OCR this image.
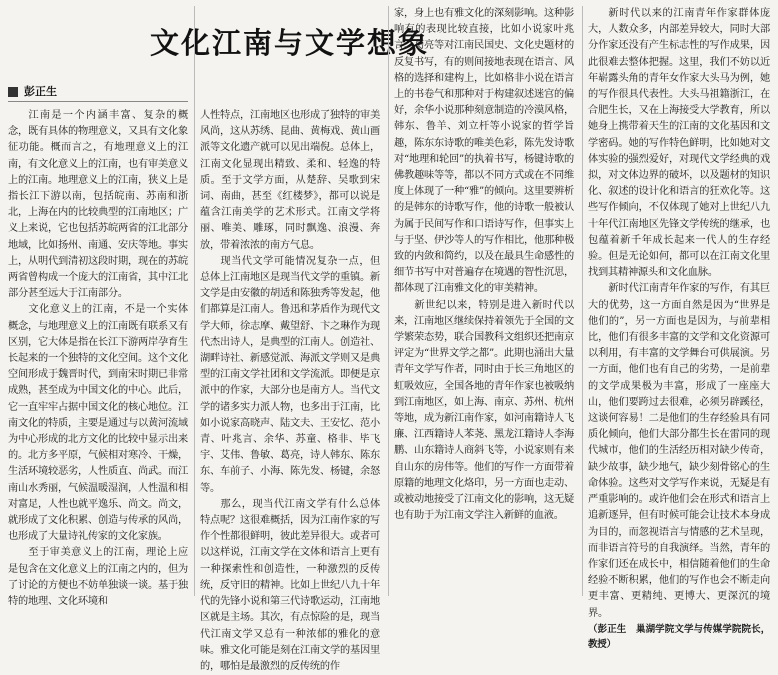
文化江南与文学想象
彭正生

江南是一个内涵丰富、复杂的概念，既有具体的物理意义，又具有文化象征功能。概而言之，有地理意义上的江南，有文化意义上的江南，也有审美意义上的江南。地理意义上的江南，狭义上是指长江下游以南，包括皖南、苏南和浙北，上海在内的比较典型的江南地区；广义上来说，它也包括苏皖两省的江北部分地域，比如扬州、南通、安庆等地。事实上，从明代到清初这段时期，现在的苏皖两省曾构成一个庞大的江南省，其中江北部分甚至远大于江南部分。

文化意义上的江南，不是一个实体概念，与地理意义上的江南既有联系又有区别，它大体是指在长江下游两岸孕育生长起来的一个独特的文化空间。这个文化空间形成于魏晋时代，到南宋时期已非常成熟，甚至成为中国文化的中心。此后，它一直牢牢占据中国文化的核心地位。江南文化的特质，主要是通过与以黄河流域为中心形成的北方文化的比较中显示出来的。北方多平原，气候相对寒冷、干燥，生活环境较恶劣，人性质直、尚武。而江南山水秀丽，气候温暖湿润，人性温和相对富足，人性也就平逸乐、尚文。尚文，就形成了文化积累、创造与传承的风尚，也形成了大量诗礼传家的文化家族。

至于审美意义上的江南，理论上应是包含在文化意义上的江南之内的，但为了讨论的方便也不妨单独谈一谈。基于独特的地理、文化环境和

人性特点，江南地区也形成了独特的审美风尚，这从苏绣、昆曲、黄梅戏、黄山画派等文化遗产就可以见出端倪。总体上，江南文化显现出精致、柔和、轻逸的特质。至于文学方面，从楚辞、吴歌到宋词、南曲，甚至《红楼梦》，都可以说是蕴含江南美学的艺术形式。江南文学将丽、唯美、雕琢，同时飘逸、浪漫、奔放，带着浓浓的南方气息。

现当代文学可能情况复杂一点，但总体上江南地区是现当代文学的重镇。新文学是由安徽的胡适和陈独秀等发起，他们都算是江南人。鲁迅和茅盾作为现代文学大师，徐志摩、戴望舒、卞之琳作为现代杰出诗人，是典型的江南人。创造社、湖畔诗社、新感觉派、海派文学则又是典型的江南文学社团和文学流派。即便是京派中的作家，大部分也是南方人。当代文学的诸多实力派人物，也多出于江南，比如小说家高晓声、陆文夫、王安忆、范小青、叶兆言、余华、苏童、格非、毕飞宇、艾伟、鲁敏、葛亮，诗人韩东、陈东东、车前子、小海、陈先发、杨键，余怒等。

那么，现当代江南文学有什么总体特点呢？这很难概括，因为江南作家的写作个性都很鲜明，彼此差异很大。或者可以这样说，江南文学在文体和语言上更有一种探索性和创造性，一种激烈的反传统，反守旧的精神。比如上世纪八九十年代的先锋小说和第三代诗歌运动，江南地区就是主场。其次，有点惊险的是，现当代江南文学又总有一种浓郁的雅化的意味。雅文化可能是刻在江南文学的基因里的，哪怕是最激烈的反传统的作

家，身上也有雅文化的深刻影响。这种影响有的表现比较直接，比如小说家叶兆言、葛亮等对江南民国史、文化史题材的反复书写，有的则间接地表现在语言、风格的选择和建构上，比如格非小说在语言上的书卷气和那种对于构建叙述迷宫的偏好，余华小说那种刻意制造的冷漠风格，韩东、鲁羊、刘立杆等小说家的哲学旨趣，陈东东诗歌的唯美色彩，陈先发诗歌对“地理和轮回”的执着书写，杨键诗歌的佛教趣味等等，都以不同方式或在不同维度上体现了一种“雅”的倾向。这里要辨析的是韩东的诗歌写作，他的诗歌一般被认为属于民间写作和口语诗写作，但事实上与于坚、伊沙等人的写作相比，他那种极致的内敛和简约，以及在最具生命感性的细节书写中对普遍存在境遇的智性沉思，都体现了江南雅文化的审美精神。

新世纪以来，特别是进入新时代以来，江南地区继续保持着领先于全国的文学繁荣态势，联合国教科文组织还把南京评定为“世界文学之都”。此期也涌出大量青年文学写作者，同时由于长三角地区的虹吸效应，全国各地的青年作家也被吸纳到江南地区，如上海、南京、苏州、杭州等地，成为新江南作家，如河南籍诗人飞廉、江西籍诗人苯荛、黑龙江籍诗人李海鹏、山东籍诗人商斜飞等，小说家则有来自山东的房伟等。他们的写作一方面带着原籍的地理文化烙印，另一方面也走动、或被动地接受了江南文化的影响，这无疑也有助于为江南文学注入新鲜的血液。

新时代以来的江南青年作家群体庞大，人数众多，内部差异较大，同时大部分作家还没有产生标志性的写作成果，因此很难去整体把握。这里，我们不妨以近年崭露头角的青年女作家大头马为例，她的写作很具代表性。大头马祖籍浙江，在合肥生长，又在上海接受大学教育，所以她身上携带着天生的江南的文化基因和文学密码。她的写作特色鲜明，比如她对文体实验的强烈爱好，对现代文学经典的戏拟，对文体边界的破坏，以及题材的知识化、叙述的设计化和语言的狂欢化等。这些写作倾向，不仅体现了她对上世纪八九十年代江南地区先锋文学传统的继承，也包蕴着新千年成长起来一代人的生存经验。但是无论如何，都可以在江南文化里找到其精神源头和文化血脉。

新时代江南青年作家的写作，有其巨大的优势，这一方面自然是因为“世界是他们的”，另一方面也是因为，与前辈相比，他们有很多丰富的文学和文化资源可以利用，有丰富的文学舞台可供展演。另一方面，他们也有自己的劣势，一是前辈的文学成果极为丰富，形成了一座座大山，他们要跨过去很难，必须另辟蹊径，这谈何容易！二是他们的生存经验具有同质化倾向，他们大部分都生长在雷同的现代城市，他们的生活经历相对缺少传奇，缺少故事，缺少地气，缺少刻骨铭心的生命体验。这些对文学写作来说，无疑是有严重影响的。或许他们会在形式和语言上追新逐异，但有时候可能会让技术本身成为目的，而忽视语言与情感的艺术呈现，而非语言符号的自我演绎。当然，青年的作家们还在成长中，相信随着他们的生命经验不断积累，他们的写作也会不断走向更丰富、更精纯、更博大、更深沉的境界。

（彭正生　巢湖学院文学与传媒学院院长，教授）
